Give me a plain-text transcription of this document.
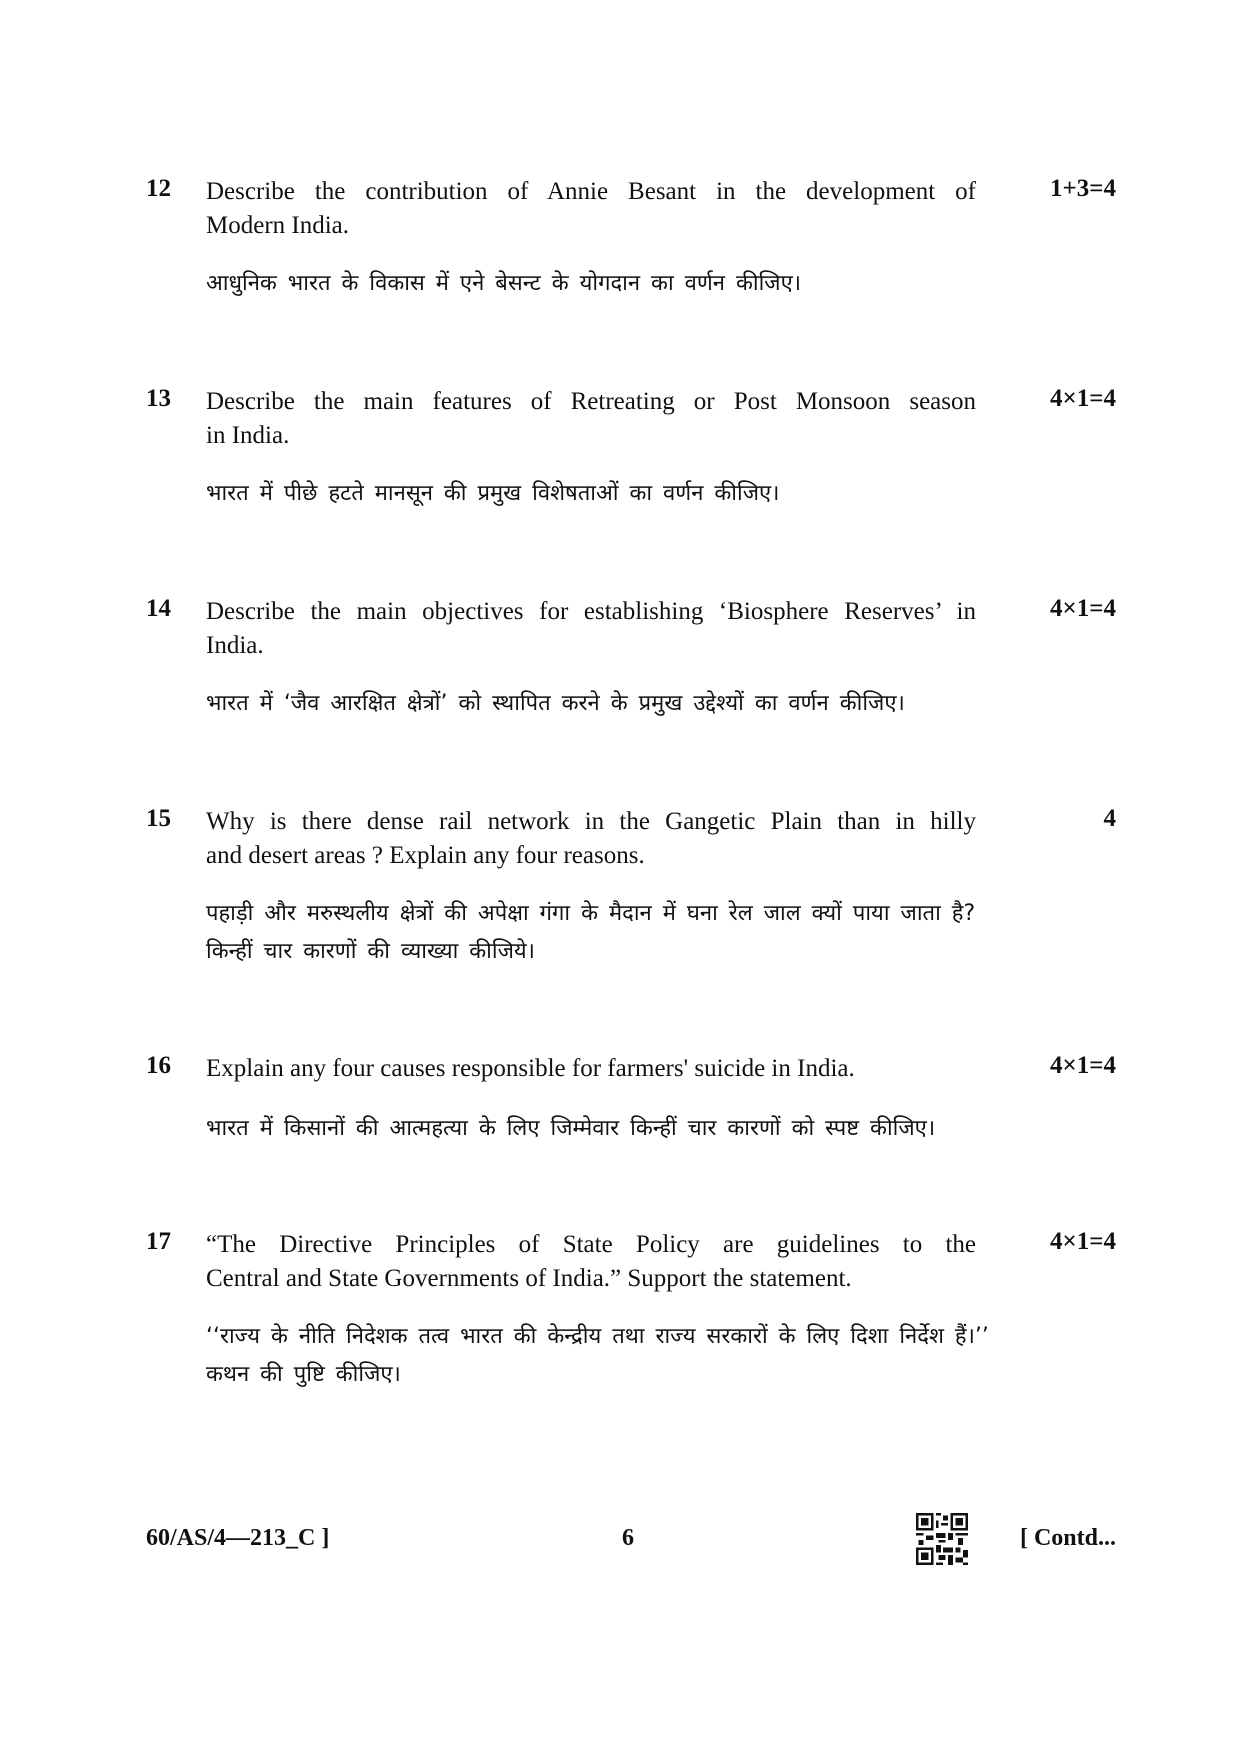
12 Describe the contribution of Annie Besant in the development of
Modern India.
1+3=4
आधुनिक भारत के विकास में एने बेसन्ट के योगदान का वर्णन कीजिए।
13 Describe the main features of Retreating or Post Monsoon season
in India.
4×1=4
भारत में पीछे हटते मानसून की प्रमुख विशेषताओं का वर्णन कीजिए।
14 Describe the main objectives for establishing ‘Biosphere Reserves’ in
India.
4×1=4
भारत में ‘जैव आरक्षित क्षेत्रों’ को स्थापित करने के प्रमुख उद्देश्यों का वर्णन कीजिए।
15 Why is there dense rail network in the Gangetic Plain than in hilly
and desert areas ? Explain any four reasons.
4
पहाड़ी और मरुस्थलीय क्षेत्रों की अपेक्षा गंगा के मैदान में घना रेल जाल क्यों पाया जाता है?
किन्हीं चार कारणों की व्याख्या कीजिये।
16 Explain any four causes responsible for farmers' suicide in India.	4×1=4
भारत में किसानों की आत्महत्या के लिए जिम्मेवार किन्हीं चार कारणों को स्पष्ट कीजिए।
17 “The Directive Principles of State Policy are guidelines to the
Central and State Governments of India.” Support the statement.
4×1=4
‘‘राज्य के नीति निदेशक तत्व भारत की केन्द्रीय तथा राज्य सरकारों के लिए दिशा निर्देश हैं।’’
कथन की पुष्टि कीजिए।
60/AS/4—213_C ]	6	[ Contd...
